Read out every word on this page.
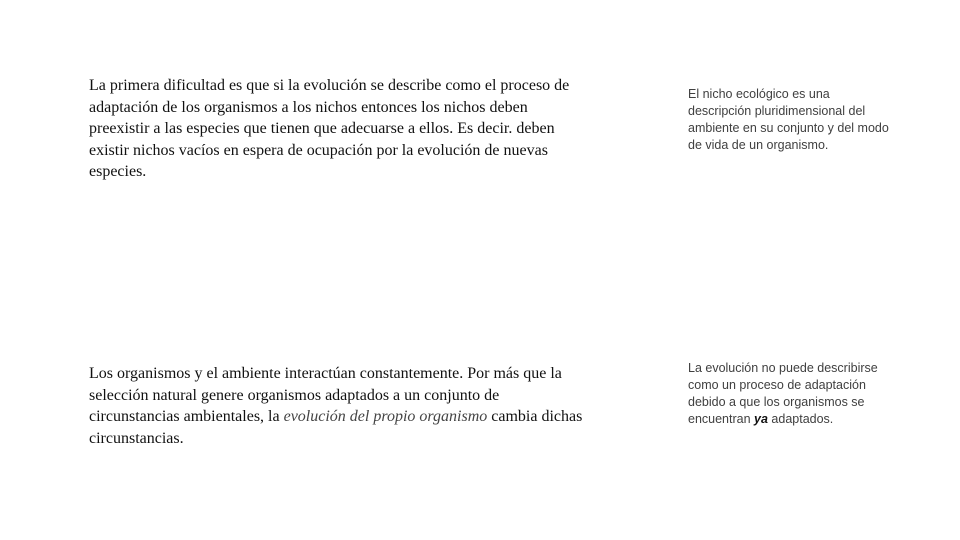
La primera dificultad es que si la evolución se describe como el proceso de adaptación de los organismos a los nichos entonces los nichos deben preexistir a las especies que tienen que adecuarse a ellos. Es decir. deben existir nichos vacíos en espera de ocupación por la evolución de nuevas especies.
El nicho ecológico es una descripción pluridimensional del ambiente en su conjunto y del modo de vida de un organismo.
Los organismos y el ambiente interactúan constantemente. Por más que la selección natural genere organismos adaptados a un conjunto de circunstancias ambientales, la evolución del propio organismo cambia dichas circunstancias.
La evolución no puede describirse como un proceso de adaptación debido a que los organismos se encuentran ya adaptados.
